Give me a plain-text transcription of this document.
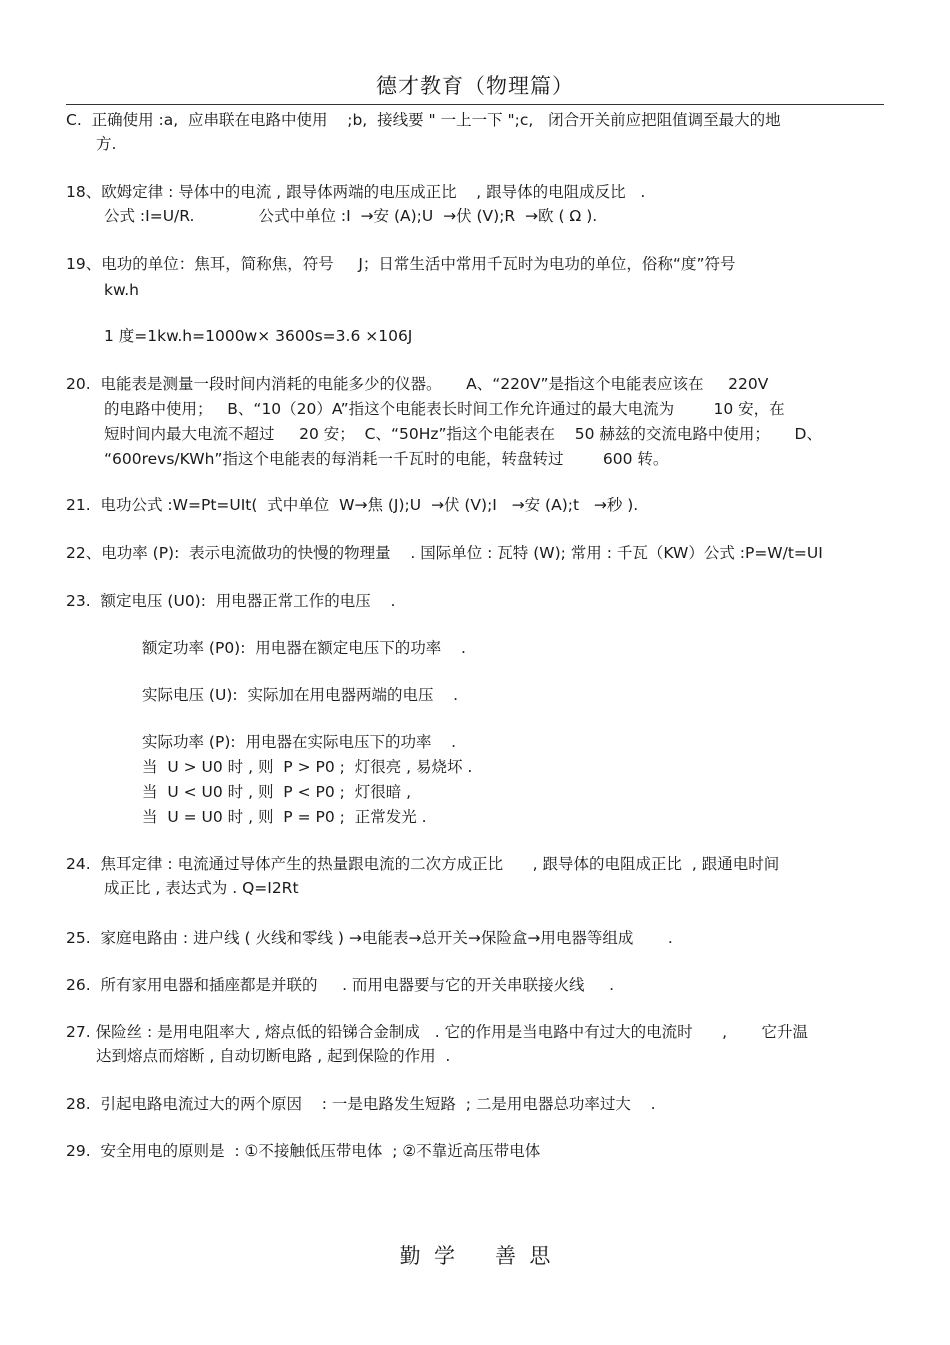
德才教育（物理篇）
C.  正确使用 :a,  应串联在电路中使用    ;b,  接线要 " 一上一下 ";c,   闭合开关前应把阻值调至最大的地
方.
18、欧姆定律 : 导体中的电流 , 跟导体两端的电压成正比    , 跟导体的电阻成反比   .
公式 :I=U/R.             公式中单位 :I  →安 (A);U  →伏 (V);R  →欧 ( Ω ).
19、电功的单位：焦耳，简称焦，符号     J；日常生活中常用千瓦时为电功的单位，俗称“度”符号
kw.h
1 度=1kw.h=1000w× 3600s=3.6 ×106J
20.  电能表是测量一段时间内消耗的电能多少的仪器。     A、“220V”是指这个电能表应该在     220V
的电路中使用；   B、“10（20）A”指这个电能表长时间工作允许通过的最大电流为        10 安，在
短时间内最大电流不超过     20 安；  C、“50Hz”指这个电能表在    50 赫兹的交流电路中使用；     D、
“600revs/KWh”指这个电能表的每消耗一千瓦时的电能，转盘转过        600 转。
21.  电功公式 :W=Pt=UIt(  式中单位  W→焦 (J);U  →伏 (V);I   →安 (A);t   →秒 ).
22、电功率 (P):  表示电流做功的快慢的物理量    . 国际单位 : 瓦特 (W); 常用 : 千瓦（KW）公式 :P=W/t=UI
23.  额定电压 (U0):  用电器正常工作的电压    .
额定功率 (P0):  用电器在额定电压下的功率    .
实际电压 (U):  实际加在用电器两端的电压    .
实际功率 (P):  用电器在实际电压下的功率    .
当  U > U0 时 , 则  P > P0 ;  灯很亮 , 易烧坏 .
当  U < U0 时 , 则  P < P0 ;  灯很暗 ,
当  U = U0 时 , 则  P = P0 ;  正常发光 .
24.  焦耳定律 : 电流通过导体产生的热量跟电流的二次方成正比      , 跟导体的电阻成正比  , 跟通电时间
成正比 , 表达式为 . Q=I2Rt
25.  家庭电路由 : 进户线 ( 火线和零线 ) →电能表→总开关→保险盒→用电器等组成       .
26.  所有家用电器和插座都是并联的     . 而用电器要与它的开关串联接火线     .
27. 保险丝 : 是用电阻率大 , 熔点低的铅锑合金制成   . 它的作用是当电路中有过大的电流时      ,       它升温
达到熔点而熔断 , 自动切断电路 , 起到保险的作用  .
28.  引起电路电流过大的两个原因    : 一是电路发生短路  ; 二是用电器总功率过大    .
29.  安全用电的原则是  : ①不接触低压带电体  ; ②不靠近高压带电体
勤  学      善  思
